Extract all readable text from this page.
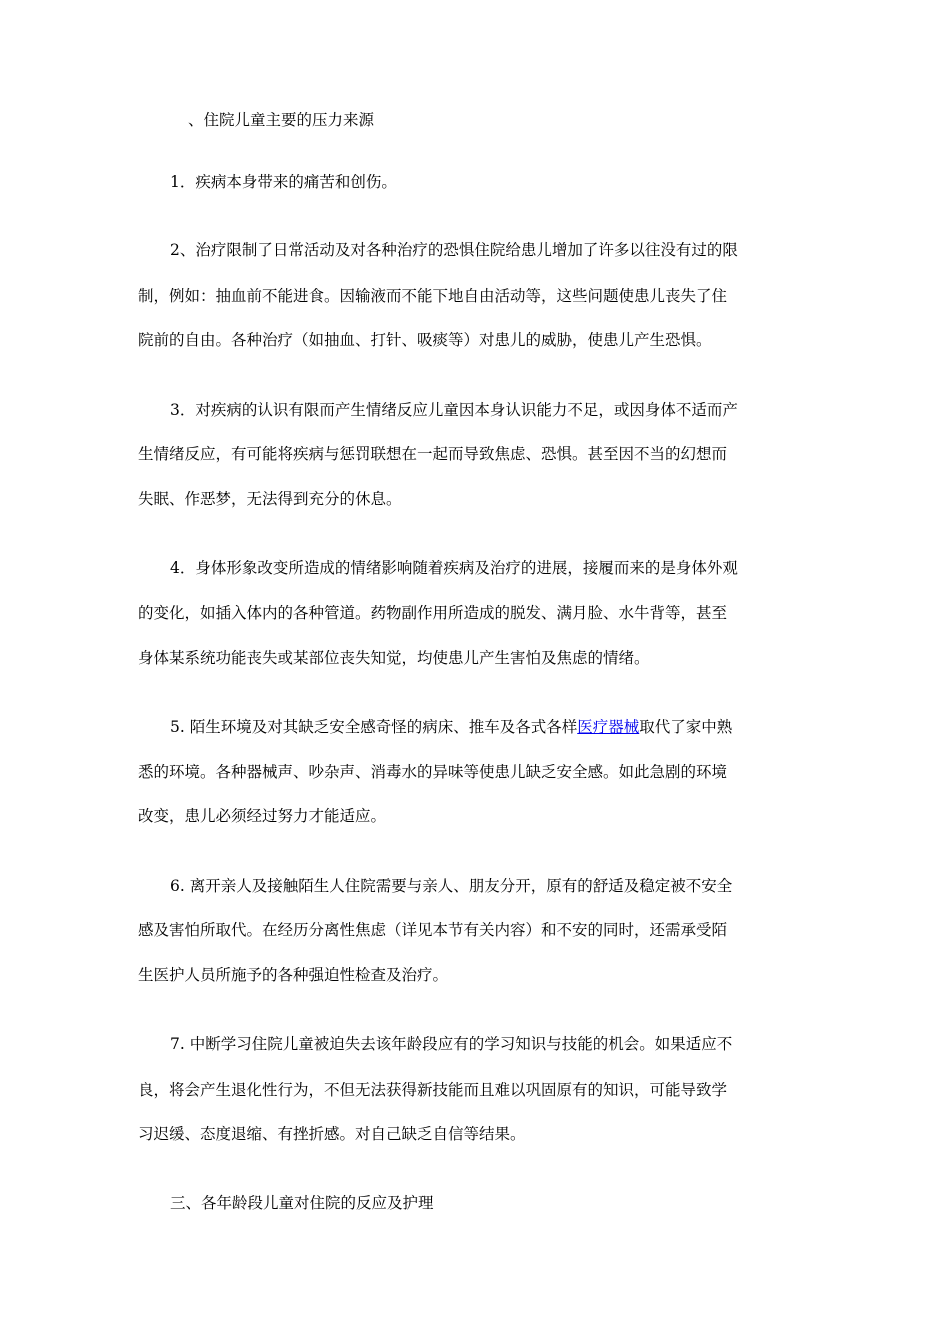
、住院儿童主要的压力来源
1．疾病本身带来的痛苦和创伤。
2、治疗限制了日常活动及对各种治疗的恐惧住院给患儿增加了许多以往没有过的限
制，例如：抽血前不能进食。因输液而不能下地自由活动等，这些问题使患儿丧失了住
院前的自由。各种治疗（如抽血、打针、吸痰等）对患儿的威胁，使患儿产生恐惧。
3．对疾病的认识有限而产生情绪反应儿童因本身认识能力不足，或因身体不适而产
生情绪反应，有可能将疾病与惩罚联想在一起而导致焦虑、恐惧。甚至因不当的幻想而
失眠、作恶梦，无法得到充分的休息。
4．身体形象改变所造成的情绪影响随着疾病及治疗的进展，接履而来的是身体外观
的变化，如插入体内的各种管道。药物副作用所造成的脱发、满月脸、水牛背等，甚至
身体某系统功能丧失或某部位丧失知觉，均使患儿产生害怕及焦虑的情绪。
5. 陌生环境及对其缺乏安全感奇怪的病床、推车及各式各样医疗器械取代了家中熟
悉的环境。各种器械声、吵杂声、消毒水的异味等使患儿缺乏安全感。如此急剧的环境
改变，患儿必须经过努力才能适应。
6. 离开亲人及接触陌生人住院需要与亲人、朋友分开，原有的舒适及稳定被不安全
感及害怕所取代。在经历分离性焦虑（详见本节有关内容）和不安的同时，还需承受陌
生医护人员所施予的各种强迫性检查及治疗。
7. 中断学习住院儿童被迫失去该年龄段应有的学习知识与技能的机会。如果适应不
良，将会产生退化性行为，不但无法获得新技能而且难以巩固原有的知识，可能导致学
习迟缓、态度退缩、有挫折感。对自己缺乏自信等结果。
三、各年龄段儿童对住院的反应及护理
